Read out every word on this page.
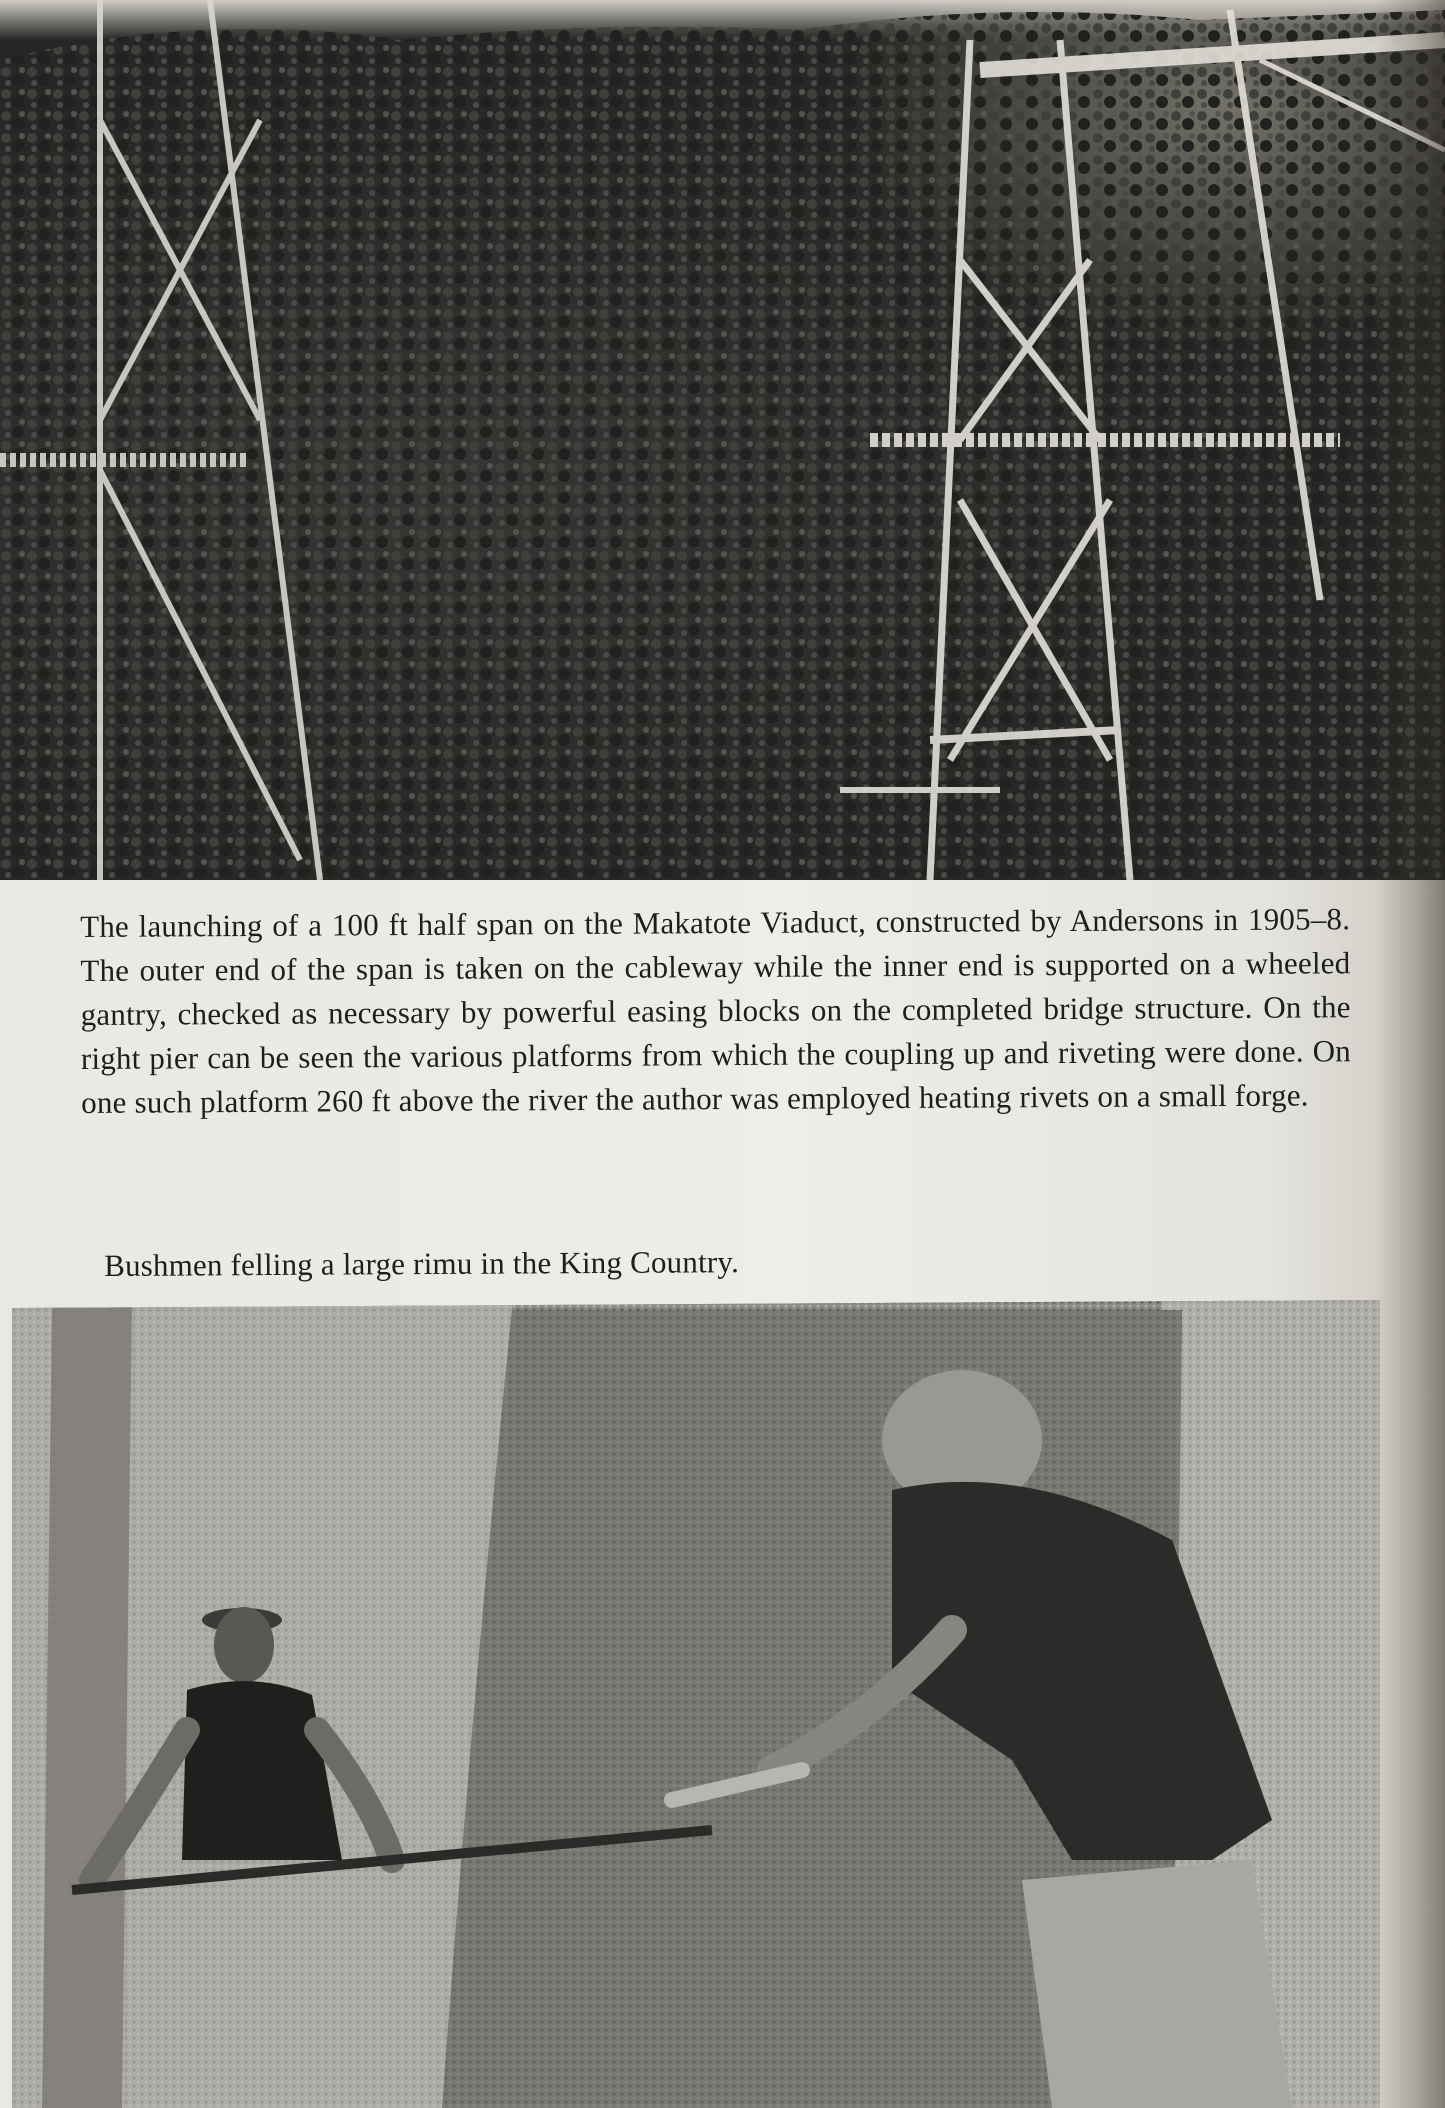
The launching of a 100 ft half span on the Makatote Viaduct, constructed by Andersons in 1905–8. The outer end of the span is taken on the cableway while the inner end is supported on a wheeled gantry, checked as necessary by powerful easing blocks on the completed bridge structure. On the right pier can be seen the various platforms from which the coupling up and riveting were done. On one such platform 260 ft above the river the author was employed heating rivets on a small forge.
Bushmen felling a large rimu in the King Country.
